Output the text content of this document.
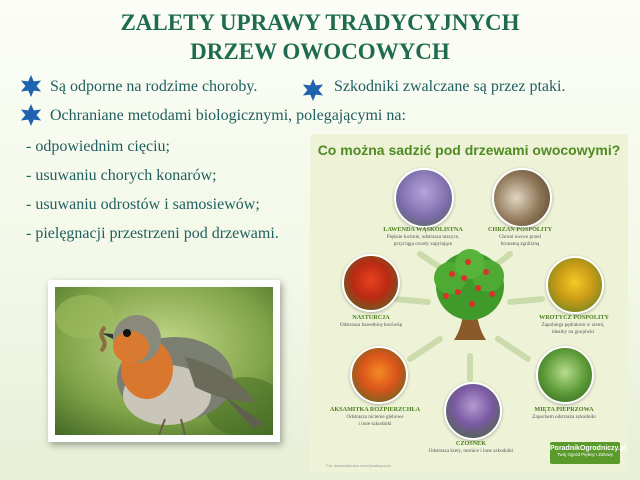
ZALETY UPRAWY TRADYCYJNYCH
DRZEW OWOCOWYCH
Są odporne na rodzime choroby.	Szkodniki zwalczane są przez ptaki.
Ochraniane metodami biologicznymi, polegającymi na:
- odpowiednim cięciu;
- usuwaniu chorych konarów;
- usuwaniu odrostów i samosiewów;
- pielęgnacji przestrzeni pod drzewami.
Co można sadzić pod drzewami owocowymi?
LAWENDA WĄSKOLISTNA
Pięknie kwitnie, odstrasza mszyce,
przyciąga owady zapylające
CHRZAN POSPOLITY
Chroni owoce przed
brunatną zgnilizną
NASTURCJA
Odstrasza bawełnicę korówkę
WROTYCZ POSPOLITY
Zapobiega pędrakom w ziemi,
idealny na gnojówki
AKSAMITKA ROZPIERZCHŁA
Odstrasza nicienie glebowe
i inne szkodniki
MIĘTA PIEPRZOWA
Zapachem odstrasza szkodniki
CZOSNEK
Odstrasza krety, nornice i inne szkodniki
Fot. depositphotos.com/pixabay.com
PoradnikOgrodniczy.pl
Twój Ogród Piękny i Zdrowy
